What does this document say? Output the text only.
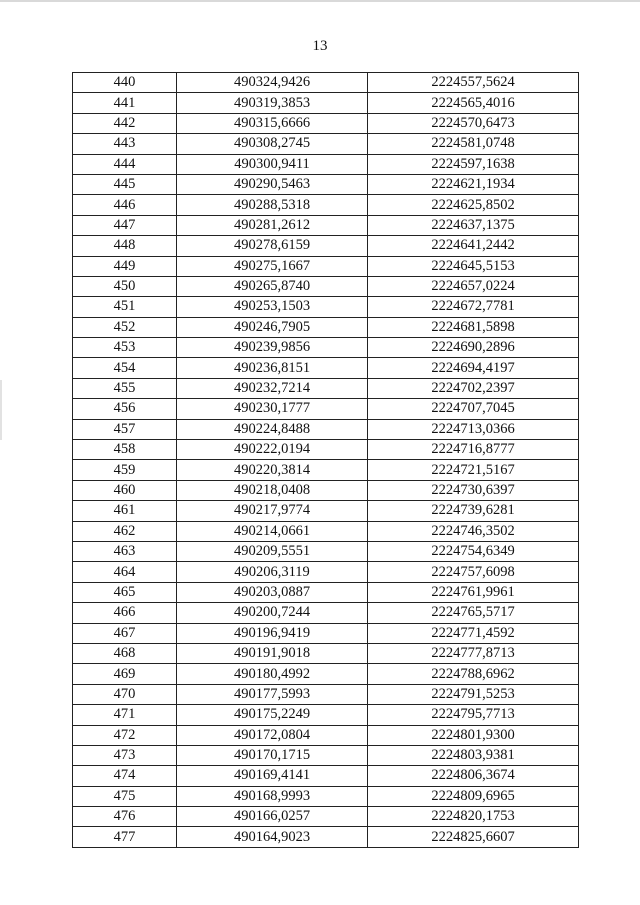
13
440	490324,9426	2224557,5624
441	490319,3853	2224565,4016
442	490315,6666	2224570,6473
443	490308,2745	2224581,0748
444	490300,9411	2224597,1638
445	490290,5463	2224621,1934
446	490288,5318	2224625,8502
447	490281,2612	2224637,1375
448	490278,6159	2224641,2442
449	490275,1667	2224645,5153
450	490265,8740	2224657,0224
451	490253,1503	2224672,7781
452	490246,7905	2224681,5898
453	490239,9856	2224690,2896
454	490236,8151	2224694,4197
455	490232,7214	2224702,2397
456	490230,1777	2224707,7045
457	490224,8488	2224713,0366
458	490222,0194	2224716,8777
459	490220,3814	2224721,5167
460	490218,0408	2224730,6397
461	490217,9774	2224739,6281
462	490214,0661	2224746,3502
463	490209,5551	2224754,6349
464	490206,3119	2224757,6098
465	490203,0887	2224761,9961
466	490200,7244	2224765,5717
467	490196,9419	2224771,4592
468	490191,9018	2224777,8713
469	490180,4992	2224788,6962
470	490177,5993	2224791,5253
471	490175,2249	2224795,7713
472	490172,0804	2224801,9300
473	490170,1715	2224803,9381
474	490169,4141	2224806,3674
475	490168,9993	2224809,6965
476	490166,0257	2224820,1753
477	490164,9023	2224825,6607
